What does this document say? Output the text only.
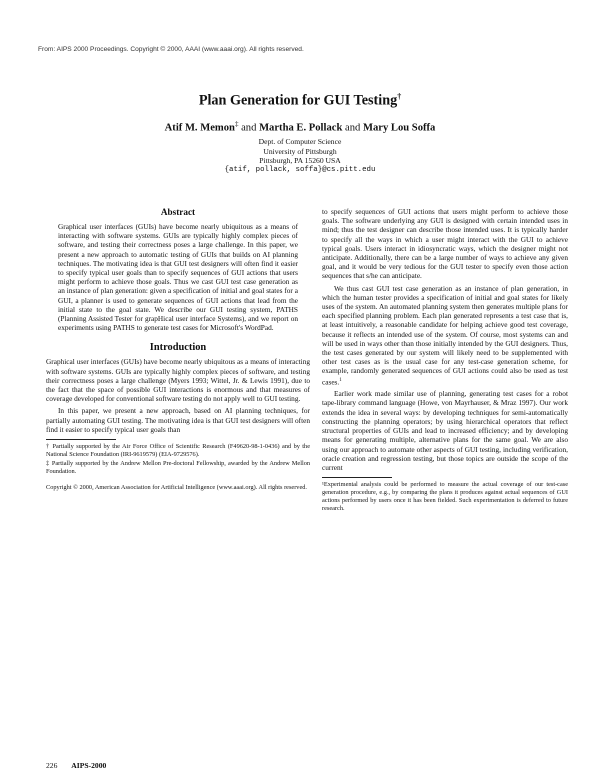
From: AIPS 2000 Proceedings. Copyright © 2000, AAAI (www.aaai.org). All rights reserved.
Plan Generation for GUI Testing†
Atif M. Memon‡ and Martha E. Pollack and Mary Lou Soffa
Dept. of Computer Science
University of Pittsburgh
Pittsburgh, PA 15260 USA
{atif, pollack, soffa}@cs.pitt.edu
Abstract

Graphical user interfaces (GUIs) have become nearly ubiquitous as a means of interacting with software systems. GUIs are typically highly complex pieces of software, and testing their correctness poses a large challenge. In this paper, we present a new approach to automatic testing of GUIs that builds on AI planning techniques. The motivating idea is that GUI test designers will often find it easier to specify typical user goals than to specify sequences of GUI actions that users might perform to achieve those goals. Thus we cast GUI test case generation as an instance of plan generation: given a specification of initial and goal states for a GUI, a planner is used to generate sequences of GUI actions that lead from the initial state to the goal state. We describe our GUI testing system, PATHS (Planning Assisted Tester for grapHical user interface Systems), and we report on experiments using PATHS to generate test cases for Microsoft's WordPad.

Introduction

Graphical user interfaces (GUIs) have become nearly ubiquitous as a means of interacting with software systems. GUIs are typically highly complex pieces of software, and testing their correctness poses a large challenge (Myers 1993; Wittel, Jr. & Lewis 1991), due to the fact that the space of possible GUI interactions is enormous and that measures of coverage developed for conventional software testing do not apply well to GUI testing.

In this paper, we present a new approach, based on AI planning techniques, for partially automating GUI testing. The motivating idea is that GUI test designers will often find it easier to specify typical user goals than

† Partially supported by the Air Force Office of Scientific Research (F49620-98-1-0436) and by the National Science Foundation (IRI-9619579) (EIA-9729576).

‡ Partially supported by the Andrew Mellon Pre-doctoral Fellowship, awarded by the Andrew Mellon Foundation.

Copyright © 2000, American Association for Artificial Intelligence (www.aaai.org). All rights reserved.

to specify sequences of GUI actions that users might perform to achieve those goals. The software underlying any GUI is designed with certain intended uses in mind; thus the test designer can describe those intended uses. It is typically harder to specify all the ways in which a user might interact with the GUI to achieve typical goals. Users interact in idiosyncratic ways, which the designer might not anticipate. Additionally, there can be a large number of ways to achieve any given goal, and it would be very tedious for the GUI tester to specify even those action sequences that s/he can anticipate.

We thus cast GUI test case generation as an instance of plan generation, in which the human tester provides a specification of initial and goal states for likely uses of the system. An automated planning system then generates multiple plans for each specified planning problem. Each plan generated represents a test case that is, at least intuitively, a reasonable candidate for helping achieve good test coverage, because it reflects an intended use of the system. Of course, most systems can and will be used in ways other than those initially intended by the GUI designers. Thus, the test cases generated by our system will likely need to be supplemented with other test cases as is the usual case for any test-case generation scheme, for example, randomly generated sequences of GUI actions could also be used as test cases.$^1$

Earlier work made similar use of planning, generating test cases for a robot tape-library command language (Howe, von Mayrhauser, & Mraz 1997). Our work extends the idea in several ways: by developing techniques for semi-automatically constructing the planning operators; by using hierarchical operators that reflect structural properties of GUIs and lead to increased efficiency; and by developing means for generating multiple, alternative plans for the same goal. We are also using our approach to automate other aspects of GUI testing, including verification, oracle creation and regression testing, but those topics are outside the scope of the current

¹Experimental analysis could be performed to measure the actual coverage of our test-case generation procedure, e.g., by comparing the plans it produces against actual sequences of GUI actions performed by users once it has been fielded. Such experimentation is deferred to future research.

226 AIPS-2000
